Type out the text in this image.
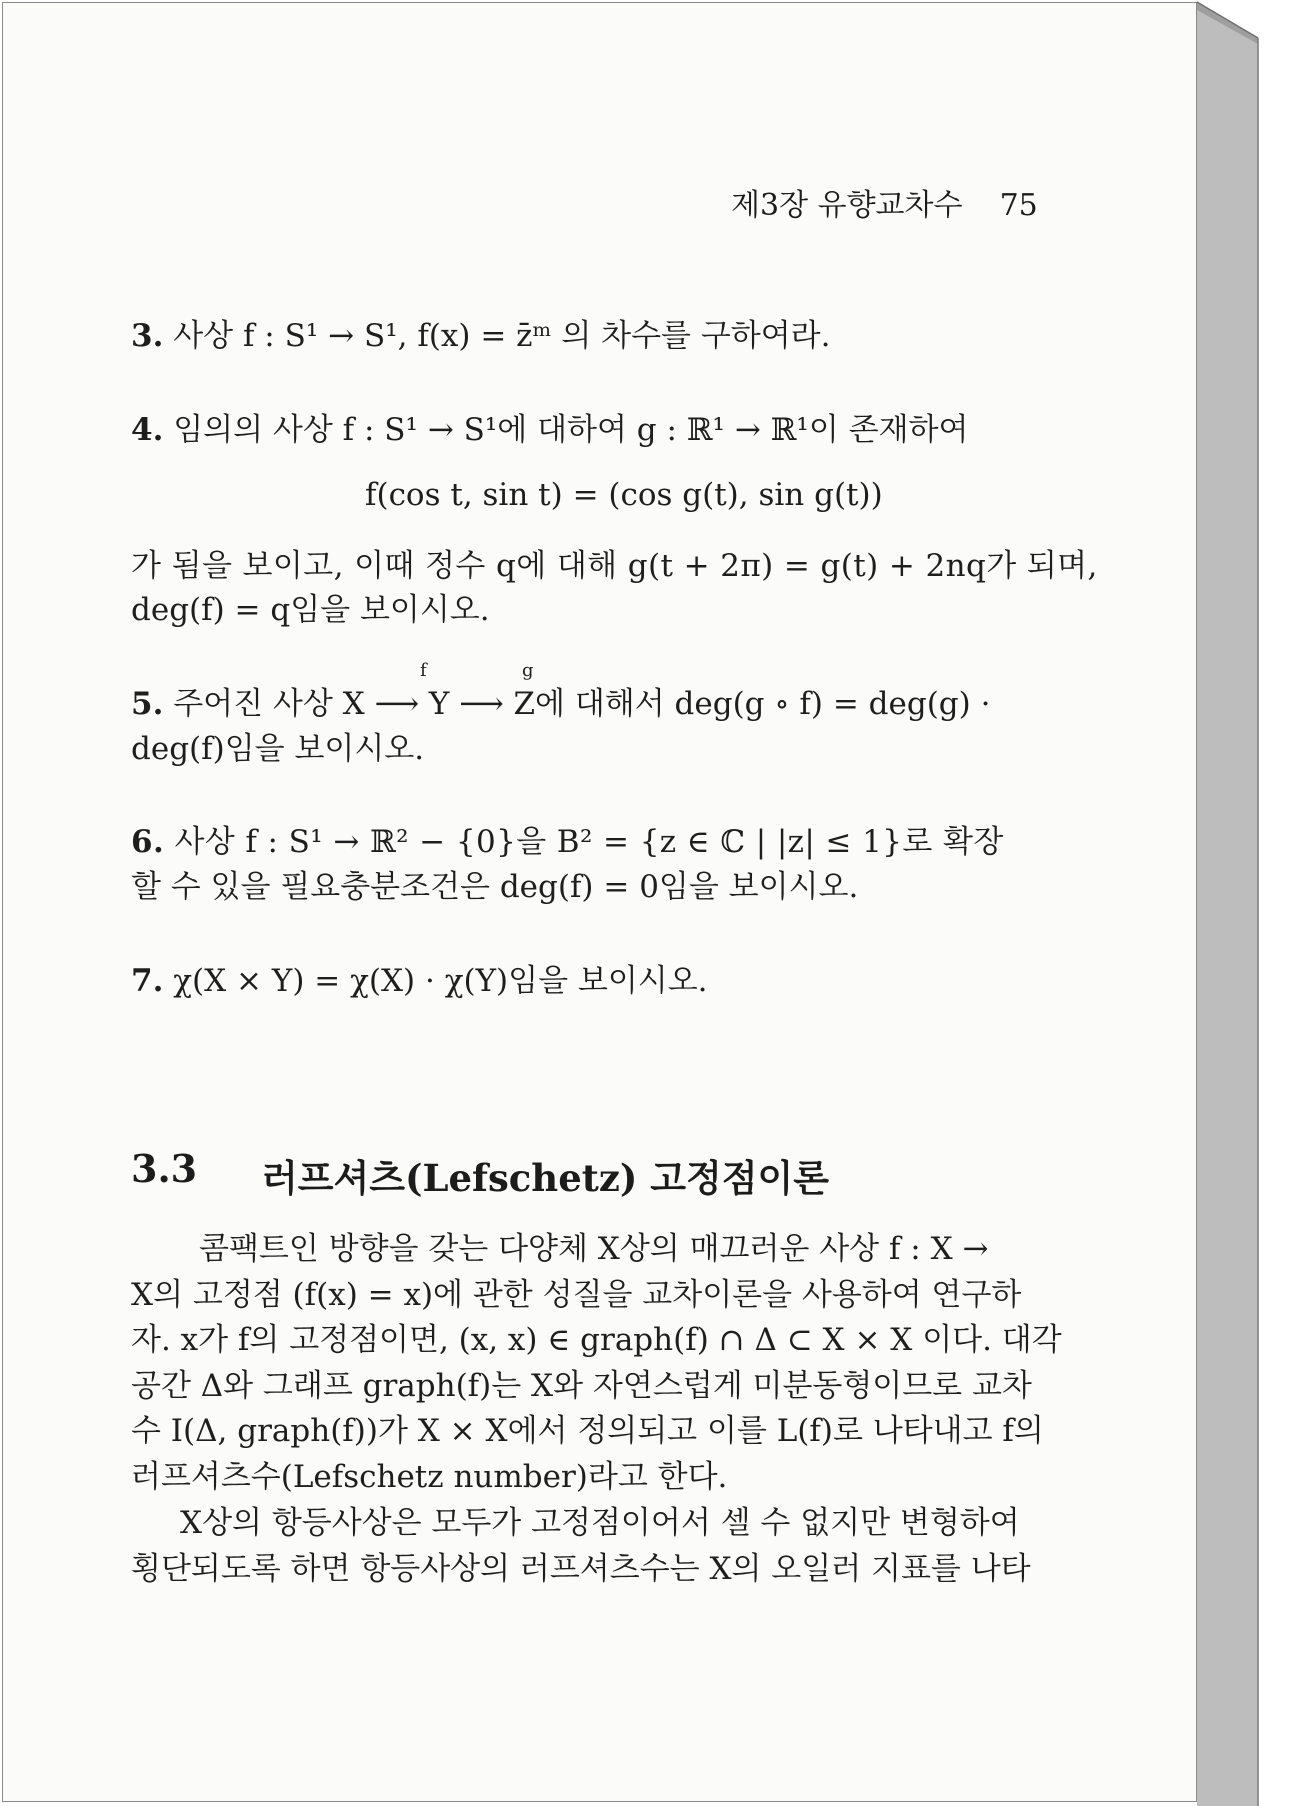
제3장 유향교차수 75
3. 사상 f : S¹ → S¹, f(x) = z̄ᵐ 의 차수를 구하여라.
4. 임의의 사상 f : S¹ → S¹에 대하여 g : ℝ¹ → ℝ¹이 존재하여
f(cos t, sin t) = (cos g(t), sin g(t))
가 됨을 보이고, 이때 정수 q에 대해 g(t + 2π) = g(t) + 2nq가 되며,
deg(f) = q임을 보이시오.
5. 주어진 사상 X ⟶ Y ⟶ Z에 대해서 deg(g ∘ f) = deg(g) ·
f	g
deg(f)임을 보이시오.
6. 사상 f : S¹ → ℝ² − {0}을 B² = {z ∈ ℂ | |z| ≤ 1}로 확장
할 수 있을 필요충분조건은 deg(f) = 0임을 보이시오.
7. χ(X × Y) = χ(X) · χ(Y)임을 보이시오.
3.3 러프셔츠(Lefschetz) 고정점이론
콤팩트인 방향을 갖는 다양체 X상의 매끄러운 사상 f : X →
X의 고정점 (f(x) = x)에 관한 성질을 교차이론을 사용하여 연구하
자. x가 f의 고정점이면, (x, x) ∈ graph(f) ∩ Δ ⊂ X × X 이다. 대각
공간 Δ와 그래프 graph(f)는 X와 자연스럽게 미분동형이므로 교차
수 I(Δ, graph(f))가 X × X에서 정의되고 이를 L(f)로 나타내고 f의
러프셔츠수(Lefschetz number)라고 한다.
X상의 항등사상은 모두가 고정점이어서 셀 수 없지만 변형하여
횡단되도록 하면 항등사상의 러프셔츠수는 X의 오일러 지표를 나타
